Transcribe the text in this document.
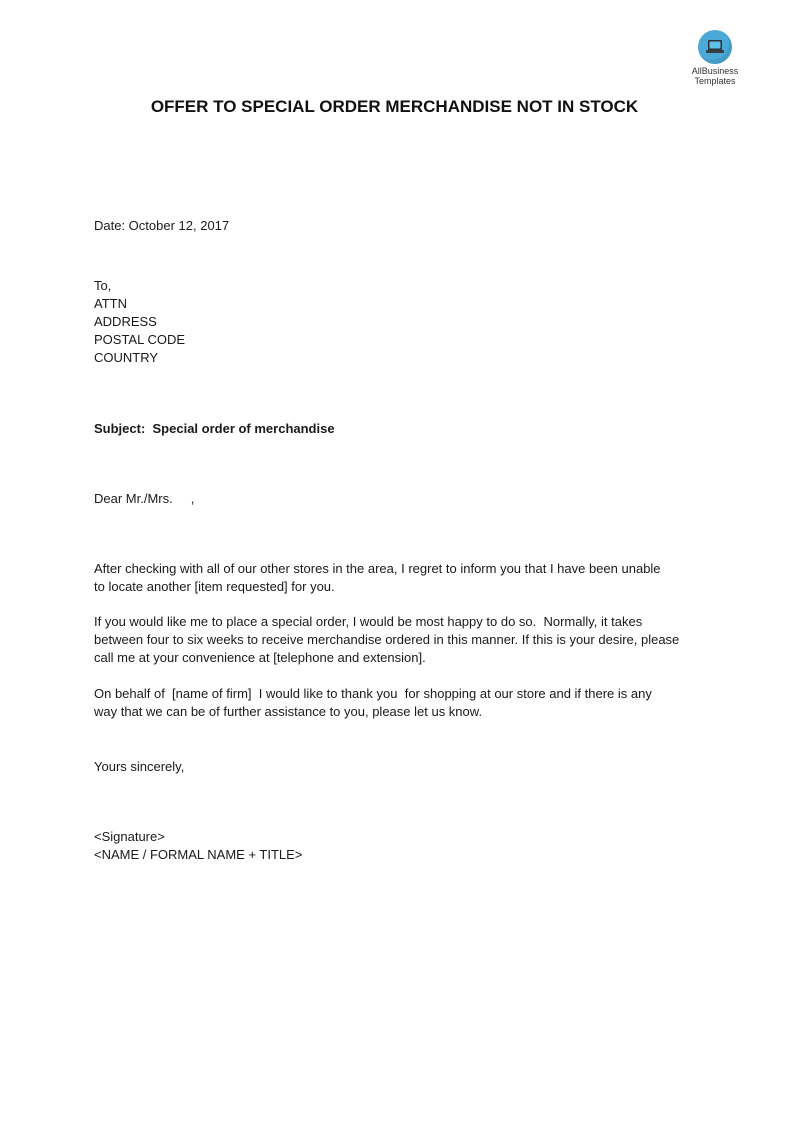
AllBusiness
Templates
OFFER TO SPECIAL ORDER MERCHANDISE NOT IN STOCK
Date: October 12, 2017
To,
ATTN
ADDRESS
POSTAL CODE
COUNTRY
Subject:  Special order of merchandise
Dear Mr./Mrs.     ,
After checking with all of our other stores in the area, I regret to inform you that I have been unable
to locate another [item requested] for you.
If you would like me to place a special order, I would be most happy to do so.  Normally, it takes
between four to six weeks to receive merchandise ordered in this manner. If this is your desire, please
call me at your convenience at [telephone and extension].
On behalf of  [name of firm]  I would like to thank you  for shopping at our store and if there is any
way that we can be of further assistance to you, please let us know.
Yours sincerely,
<Signature>
<NAME / FORMAL NAME + TITLE>
